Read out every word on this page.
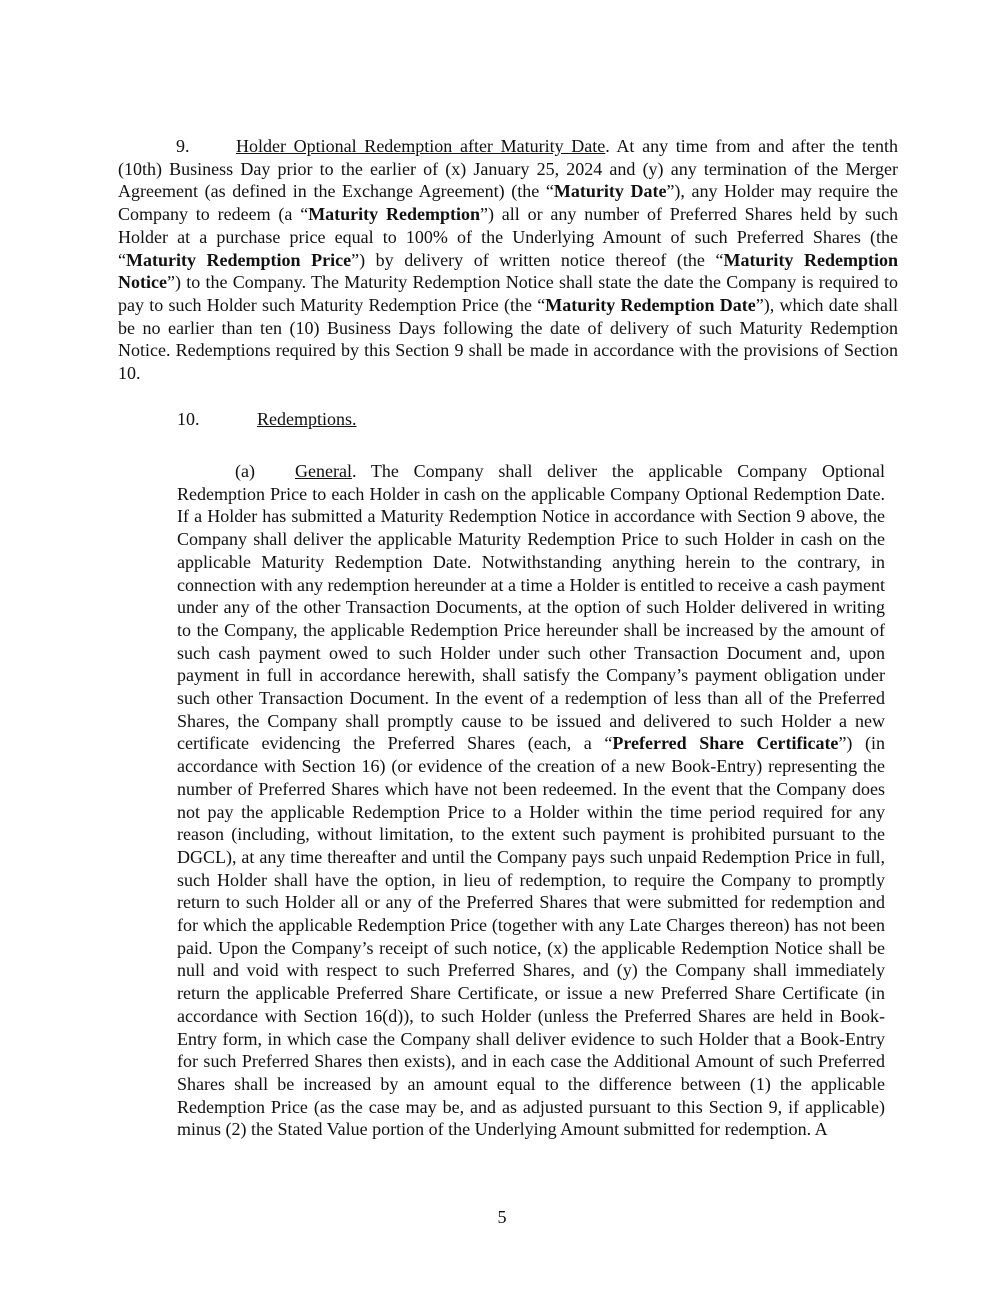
9.	Holder Optional Redemption after Maturity Date. At any time from and after the tenth (10th) Business Day prior to the earlier of (x) January 25, 2024 and (y) any termination of the Merger Agreement (as defined in the Exchange Agreement) (the “Maturity Date”), any Holder may require the Company to redeem (a “Maturity Redemption”) all or any number of Preferred Shares held by such Holder at a purchase price equal to 100% of the Underlying Amount of such Preferred Shares (the “Maturity Redemption Price”) by delivery of written notice thereof (the “Maturity Redemption Notice”) to the Company. The Maturity Redemption Notice shall state the date the Company is required to pay to such Holder such Maturity Redemption Price (the “Maturity Redemption Date”), which date shall be no earlier than ten (10) Business Days following the date of delivery of such Maturity Redemption Notice. Redemptions required by this Section 9 shall be made in accordance with the provisions of Section 10.

10.	Redemptions.

(a) General. The Company shall deliver the applicable Company Optional Redemption Price to each Holder in cash on the applicable Company Optional Redemption Date. If a Holder has submitted a Maturity Redemption Notice in accordance with Section 9 above, the Company shall deliver the applicable Maturity Redemption Price to such Holder in cash on the applicable Maturity Redemption Date. Notwithstanding anything herein to the contrary, in connection with any redemption hereunder at a time a Holder is entitled to receive a cash payment under any of the other Transaction Documents, at the option of such Holder delivered in writing to the Company, the applicable Redemption Price hereunder shall be increased by the amount of such cash payment owed to such Holder under such other Transaction Document and, upon payment in full in accordance herewith, shall satisfy the Company’s payment obligation under such other Transaction Document. In the event of a redemption of less than all of the Preferred Shares, the Company shall promptly cause to be issued and delivered to such Holder a new certificate evidencing the Preferred Shares (each, a “Preferred Share Certificate”) (in accordance with Section 16) (or evidence of the creation of a new Book-Entry) representing the number of Preferred Shares which have not been redeemed. In the event that the Company does not pay the applicable Redemption Price to a Holder within the time period required for any reason (including, without limitation, to the extent such payment is prohibited pursuant to the DGCL), at any time thereafter and until the Company pays such unpaid Redemption Price in full, such Holder shall have the option, in lieu of redemption, to require the Company to promptly return to such Holder all or any of the Preferred Shares that were submitted for redemption and for which the applicable Redemption Price (together with any Late Charges thereon) has not been paid. Upon the Company’s receipt of such notice, (x) the applicable Redemption Notice shall be null and void with respect to such Preferred Shares, and (y) the Company shall immediately return the applicable Preferred Share Certificate, or issue a new Preferred Share Certificate (in accordance with Section 16(d)), to such Holder (unless the Preferred Shares are held in Book-Entry form, in which case the Company shall deliver evidence to such Holder that a Book-Entry for such Preferred Shares then exists), and in each case the Additional Amount of such Preferred Shares shall be increased by an amount equal to the difference between (1) the applicable Redemption Price (as the case may be, and as adjusted pursuant to this Section 9, if applicable) minus (2) the Stated Value portion of the Underlying Amount submitted for redemption. A

5
